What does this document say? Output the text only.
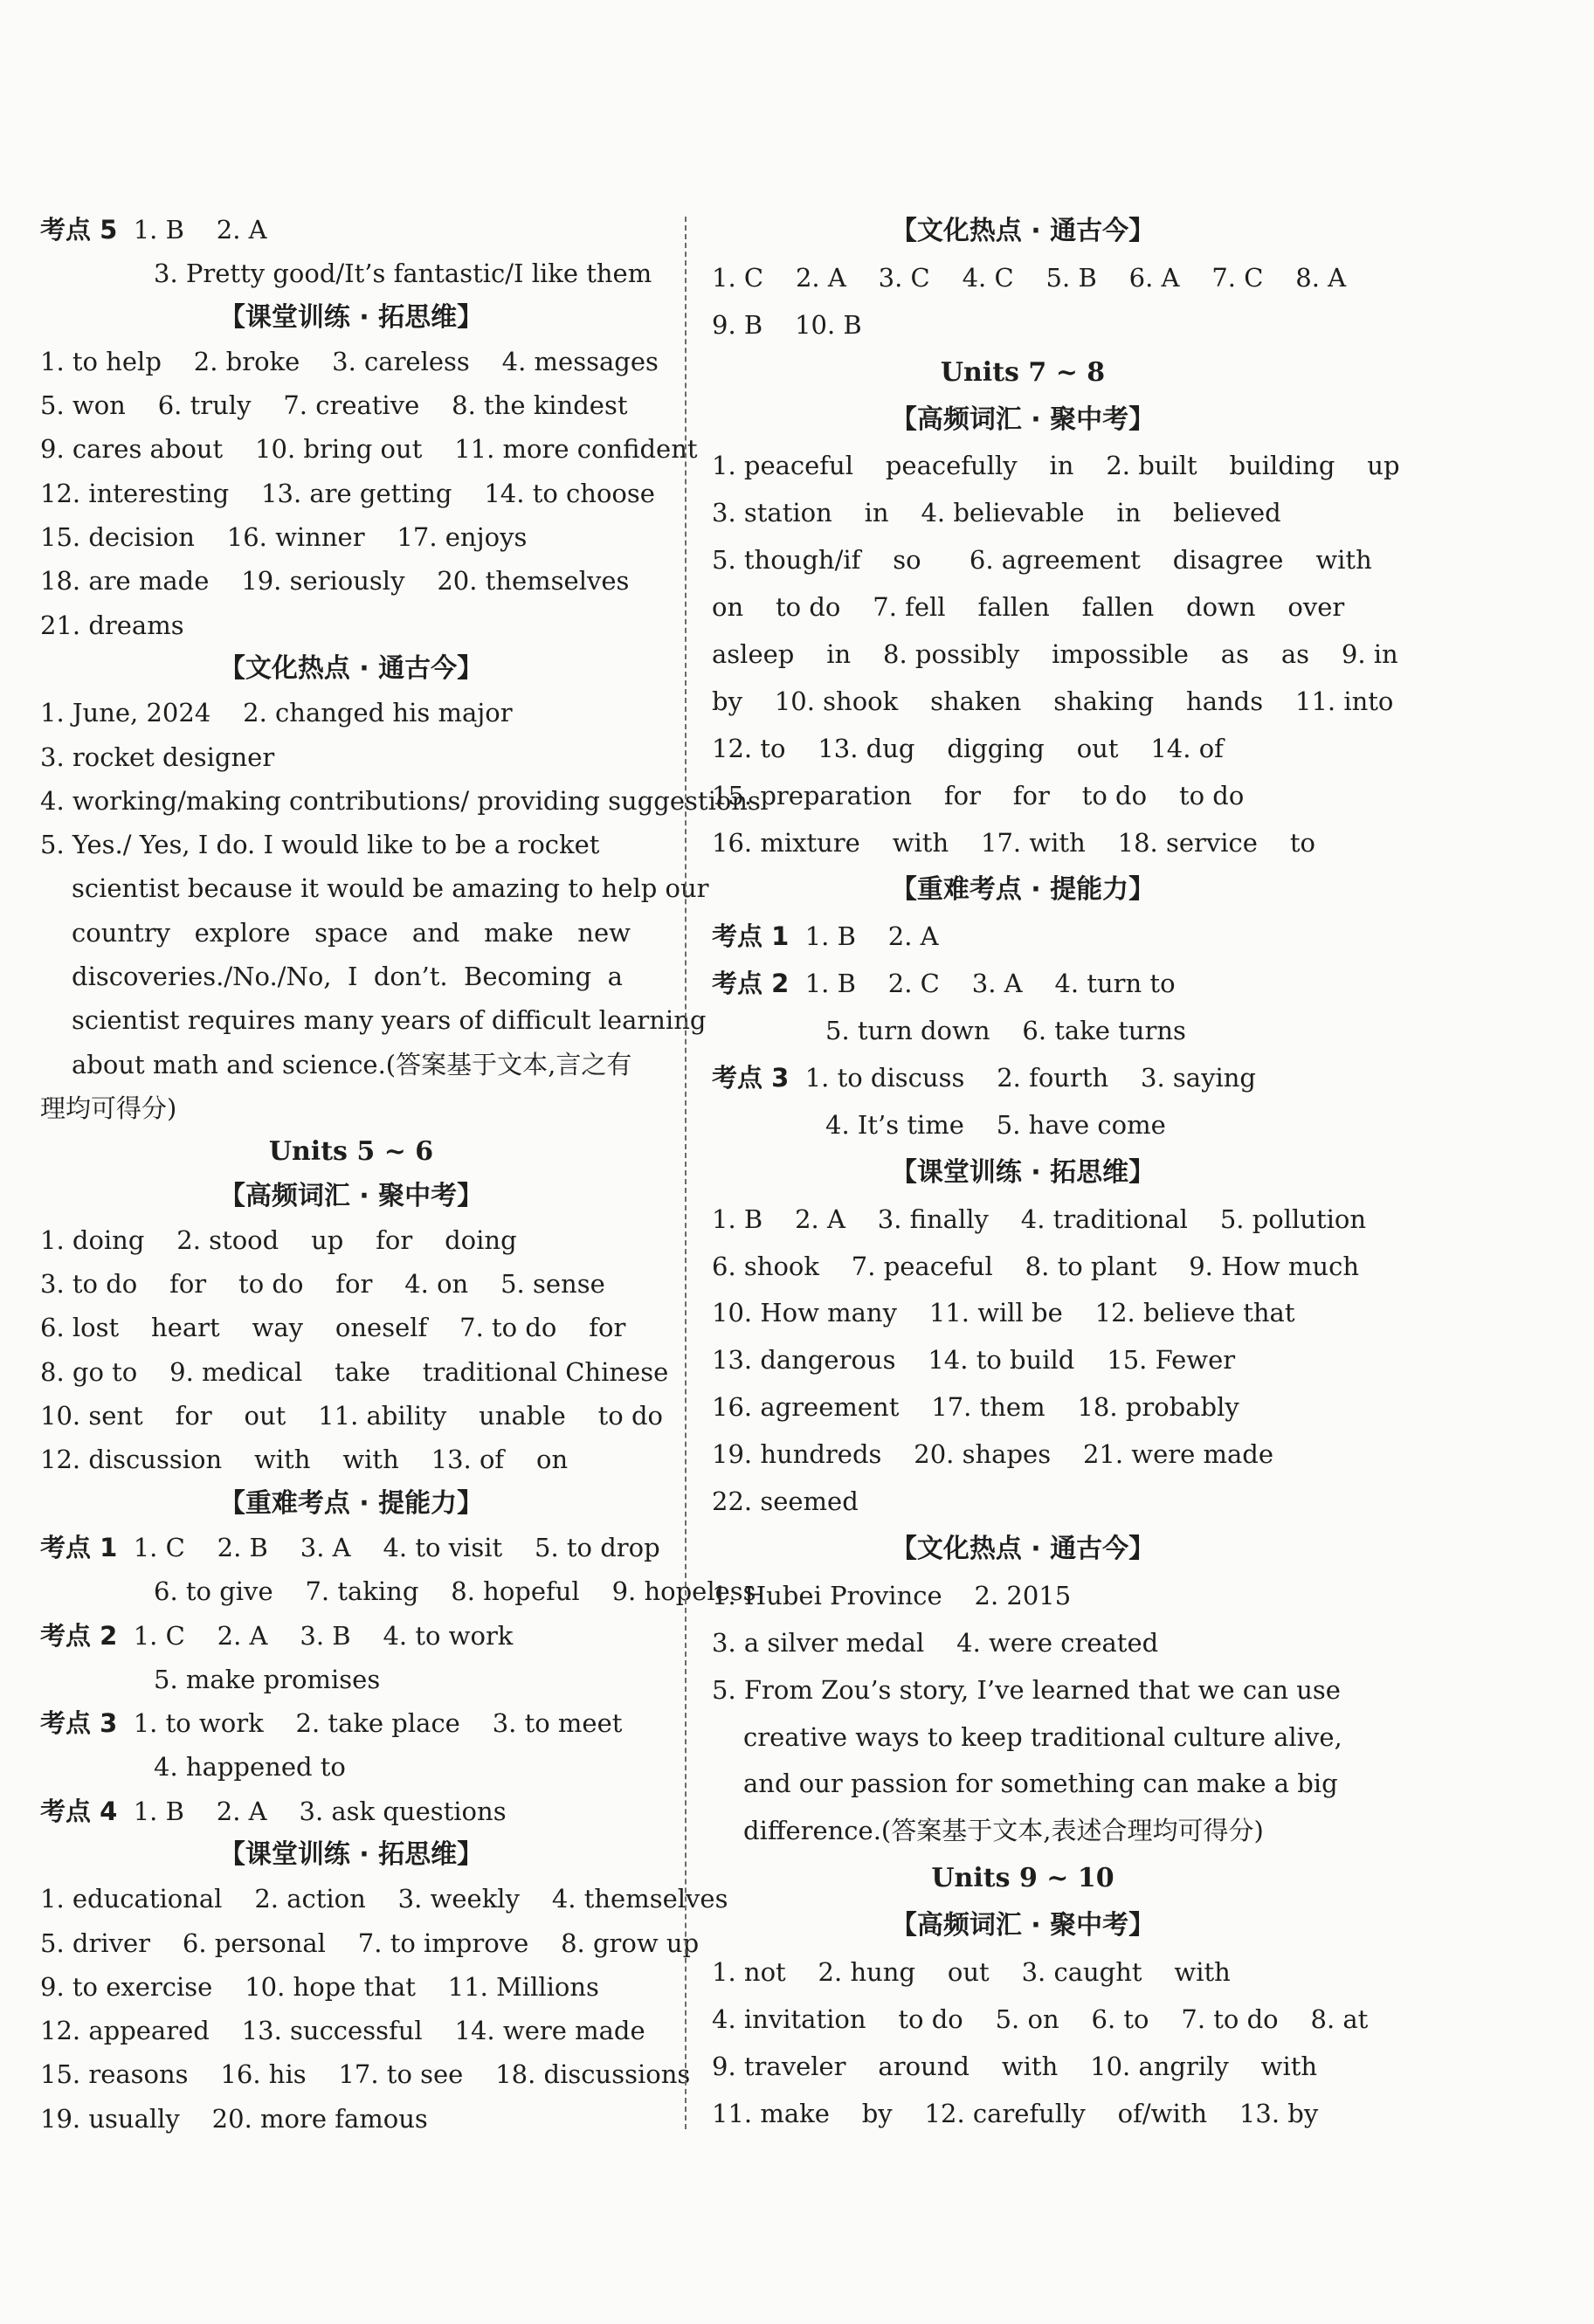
考点 5  1. B    2. A
3. Pretty good/It’s fantastic/I like them
【课堂训练 · 拓思维】
1. to help    2. broke    3. careless    4. messages
5. won    6. truly    7. creative    8. the kindest
9. cares about    10. bring out    11. more confident
12. interesting    13. are getting    14. to choose
15. decision    16. winner    17. enjoys
18. are made    19. seriously    20. themselves
21. dreams
【文化热点 · 通古今】
1. June, 2024    2. changed his major
3. rocket designer
4. working/making contributions/ providing suggestions
5. Yes./ Yes, I do. I would like to be a rocket
scientist because it would be amazing to help our
country   explore   space   and   make   new
discoveries./No./No,  I  don’t.  Becoming  a
scientist requires many years of difficult learning
about math and science.(答案基于文本,言之有
理均可得分)
Units 5 ~ 6
【高频词汇 · 聚中考】
1. doing    2. stood    up    for    doing
3. to do    for    to do    for    4. on    5. sense
6. lost    heart    way    oneself    7. to do    for
8. go to    9. medical    take    traditional Chinese
10. sent    for    out    11. ability    unable    to do
12. discussion    with    with    13. of    on
【重难考点 · 提能力】
考点 1  1. C    2. B    3. A    4. to visit    5. to drop
6. to give    7. taking    8. hopeful    9. hopeless
考点 2  1. C    2. A    3. B    4. to work
5. make promises
考点 3  1. to work    2. take place    3. to meet
4. happened to
考点 4  1. B    2. A    3. ask questions
【课堂训练 · 拓思维】
1. educational    2. action    3. weekly    4. themselves
5. driver    6. personal    7. to improve    8. grow up
9. to exercise    10. hope that    11. Millions
12. appeared    13. successful    14. were made
15. reasons    16. his    17. to see    18. discussions
19. usually    20. more famous
【文化热点 · 通古今】
1. C    2. A    3. C    4. C    5. B    6. A    7. C    8. A
9. B    10. B
Units 7 ~ 8
【高频词汇 · 聚中考】
1. peaceful    peacefully    in    2. built    building    up
3. station    in    4. believable    in    believed
5. though/if    so      6. agreement    disagree    with
on    to do    7. fell    fallen    fallen    down    over
asleep    in    8. possibly    impossible    as    as    9. in
by    10. shook    shaken    shaking    hands    11. into
12. to    13. dug    digging    out    14. of
15. preparation    for    for    to do    to do
16. mixture    with    17. with    18. service    to
【重难考点 · 提能力】
考点 1  1. B    2. A
考点 2  1. B    2. C    3. A    4. turn to
5. turn down    6. take turns
考点 3  1. to discuss    2. fourth    3. saying
4. It’s time    5. have come
【课堂训练 · 拓思维】
1. B    2. A    3. finally    4. traditional    5. pollution
6. shook    7. peaceful    8. to plant    9. How much
10. How many    11. will be    12. believe that
13. dangerous    14. to build    15. Fewer
16. agreement    17. them    18. probably
19. hundreds    20. shapes    21. were made
22. seemed
【文化热点 · 通古今】
1. Hubei Province    2. 2015
3. a silver medal    4. were created
5. From Zou’s story, I’ve learned that we can use
creative ways to keep traditional culture alive,
and our passion for something can make a big
difference.(答案基于文本,表述合理均可得分)
Units 9 ~ 10
【高频词汇 · 聚中考】
1. not    2. hung    out    3. caught    with
4. invitation    to do    5. on    6. to    7. to do    8. at
9. traveler    around    with    10. angrily    with
11. make    by    12. carefully    of/with    13. by
